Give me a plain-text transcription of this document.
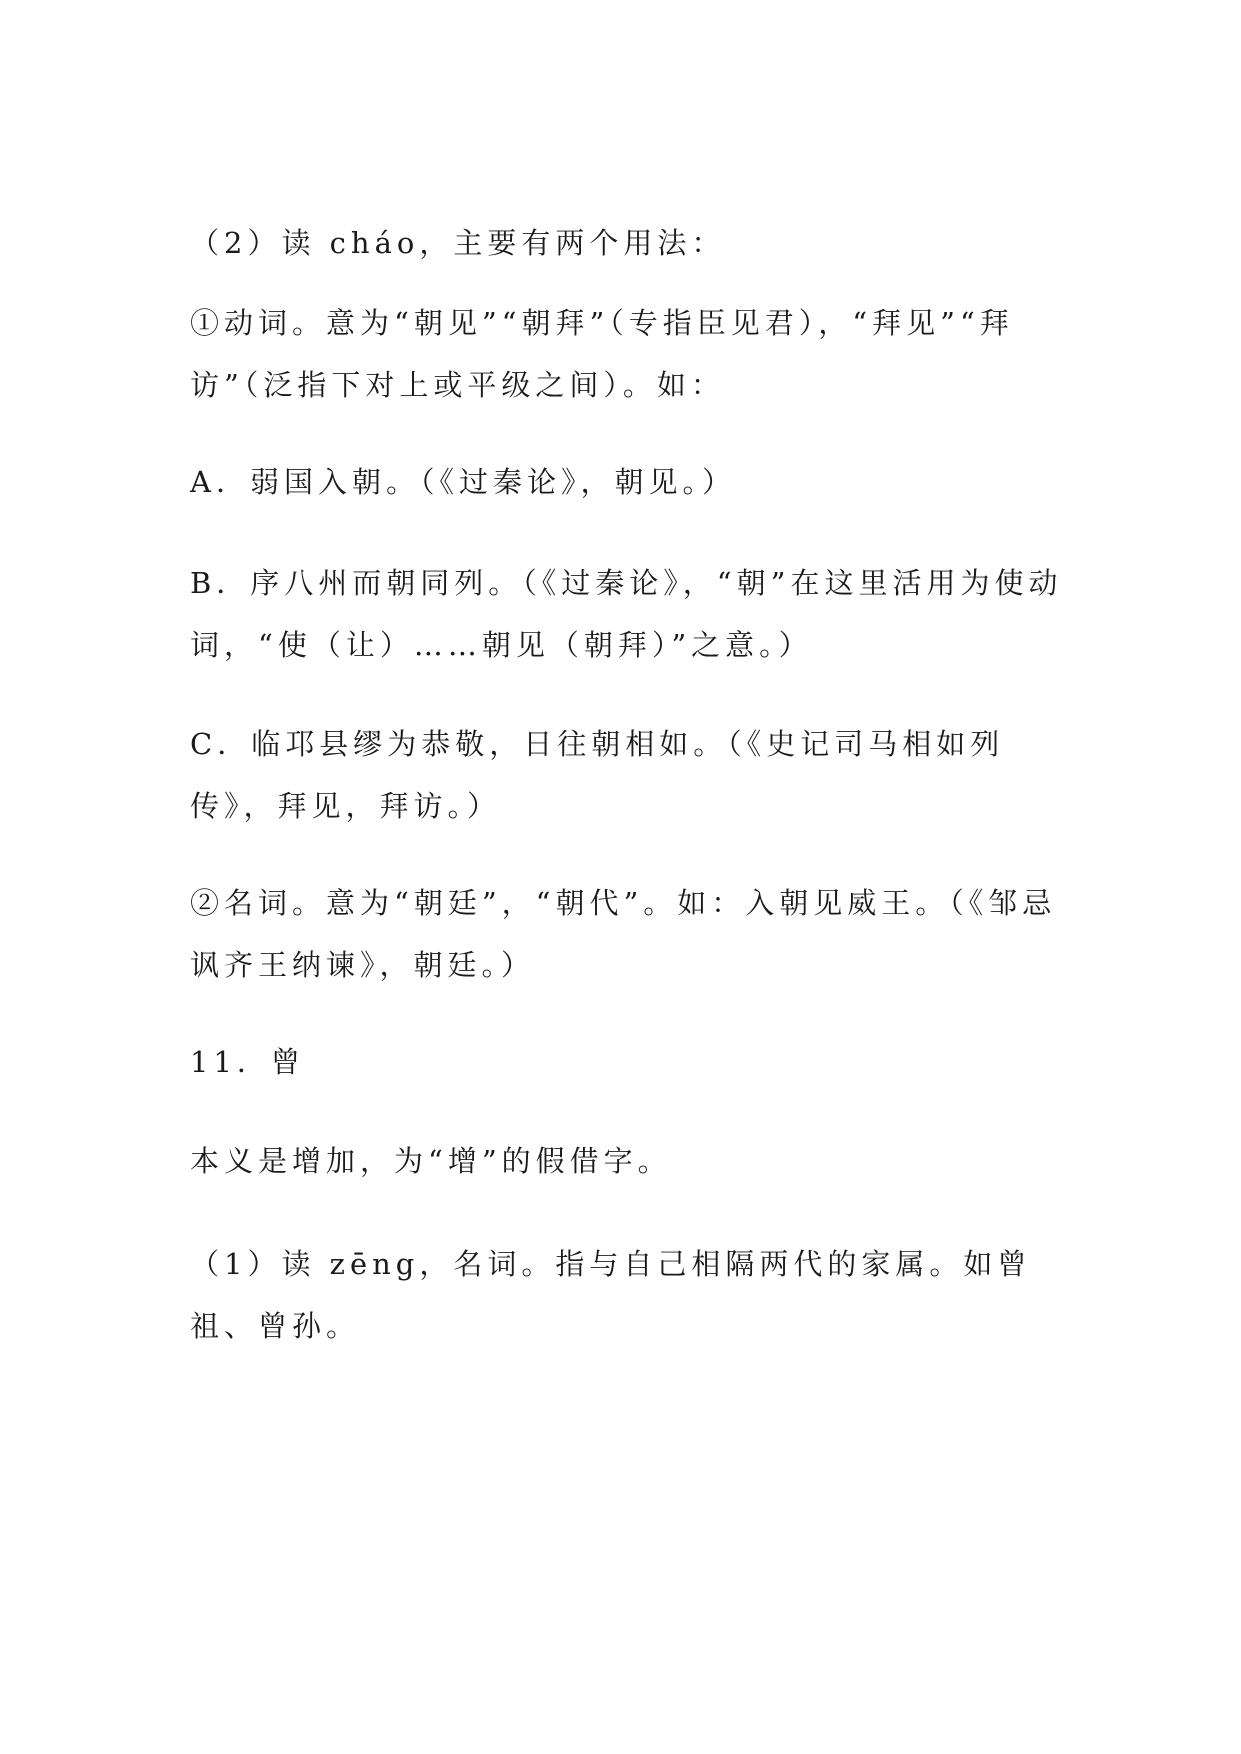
（2）读 cháo，主要有两个用法：

①动词。意为“朝见”“朝拜”（专指臣见君），“拜见”“拜访”（泛指下对上或平级之间）。如：

A．弱国入朝。（《过秦论》，朝见。）

B．序八州而朝同列。（《过秦论》，“朝”在这里活用为使动词，“使（让）……朝见（朝拜）”之意。）

C．临邛县缪为恭敬，日往朝相如。（《史记司马相如列传》，拜见，拜访。）

②名词。意为“朝廷”，“朝代”。如：入朝见威王。（《邹忌讽齐王纳谏》，朝廷。）

11．曾

本义是增加，为“增”的假借字。

（1）读 zēng，名词。指与自己相隔两代的家属。如曾祖、曾孙。
